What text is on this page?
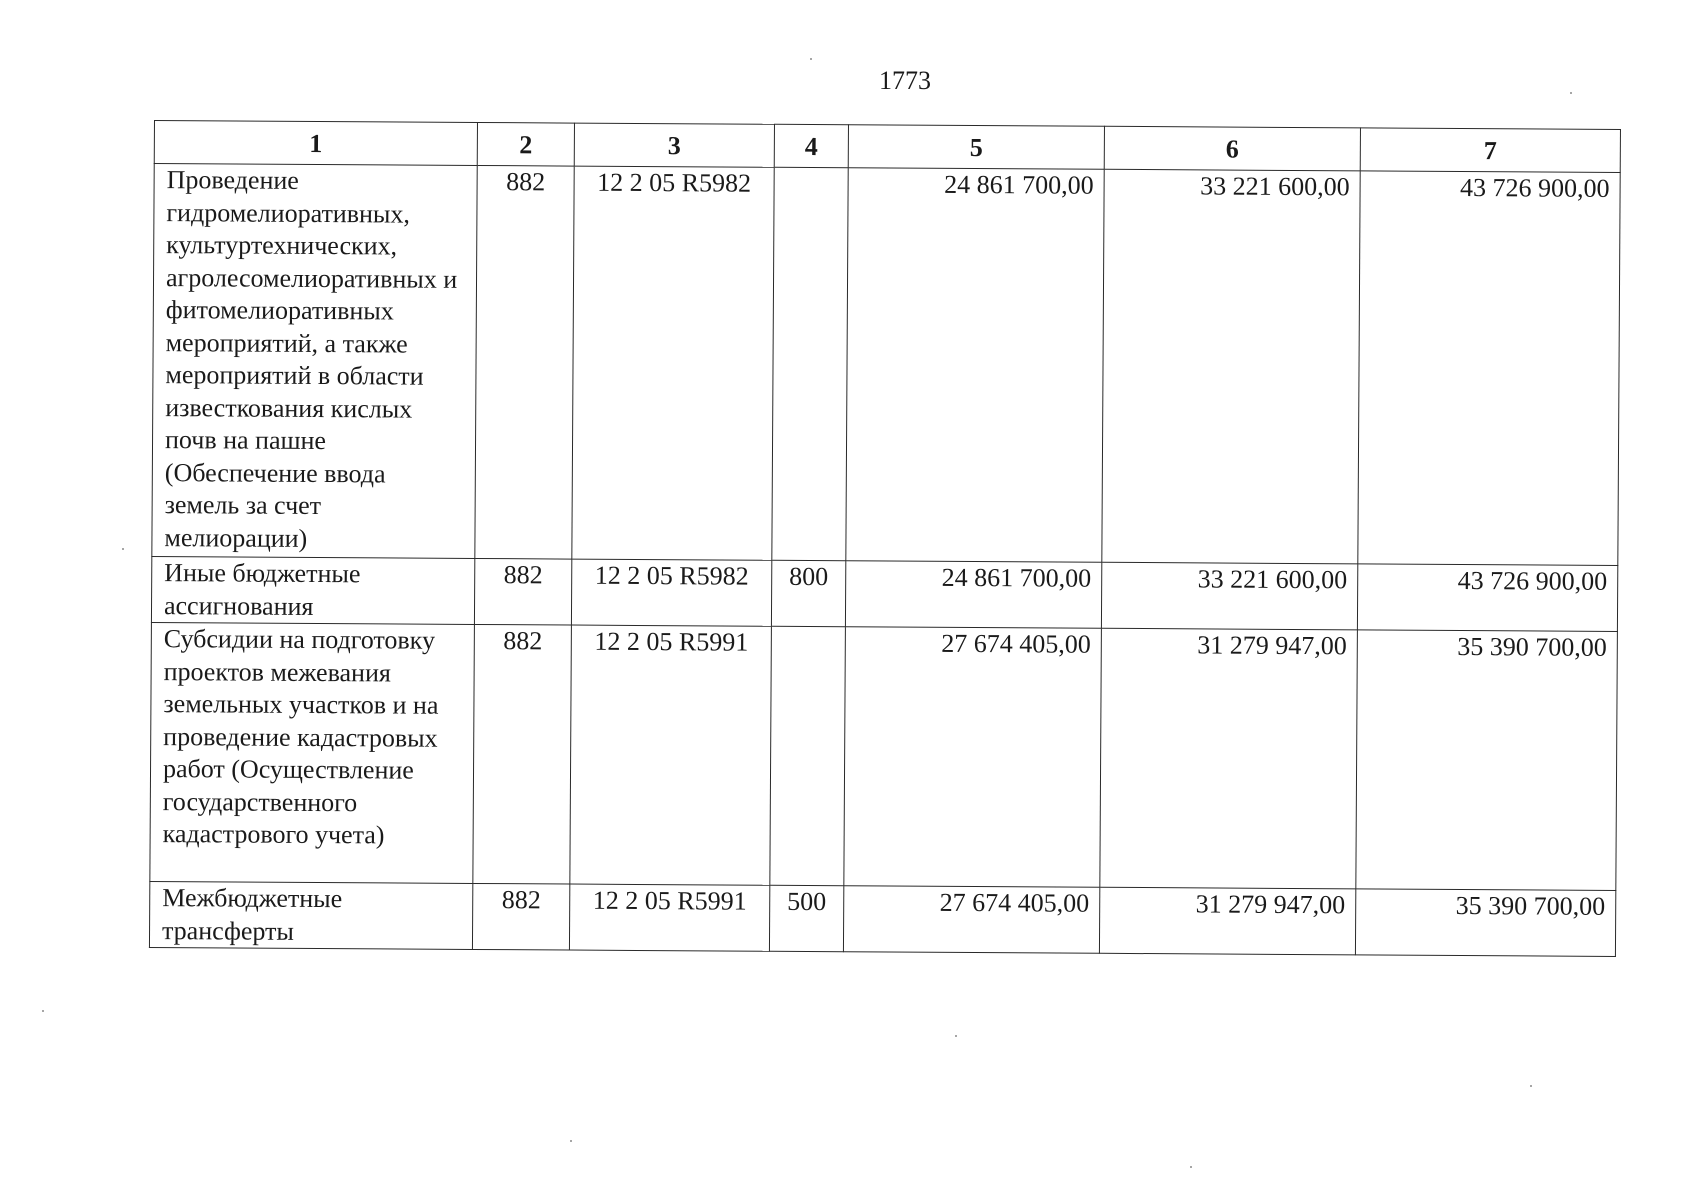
1773
1	2	3	4	5	6	7
Проведение гидромелиоративных, культуртехнических, агролесомелиоративных и фитомелиоративных мероприятий, а также мероприятий в области известкования кислых почв на пашне (Обеспечение ввода земель за счет мелиорации)	882	12 2 05 R5982		24 861 700,00	33 221 600,00	43 726 900,00
Иные бюджетные ассигнования	882	12 2 05 R5982	800	24 861 700,00	33 221 600,00	43 726 900,00
Субсидии на подготовку проектов межевания земельных участков и на проведение кадастровых работ (Осуществление государственного кадастрового учета)	882	12 2 05 R5991		27 674 405,00	31 279 947,00	35 390 700,00
Межбюджетные трансферты	882	12 2 05 R5991	500	27 674 405,00	31 279 947,00	35 390 700,00
